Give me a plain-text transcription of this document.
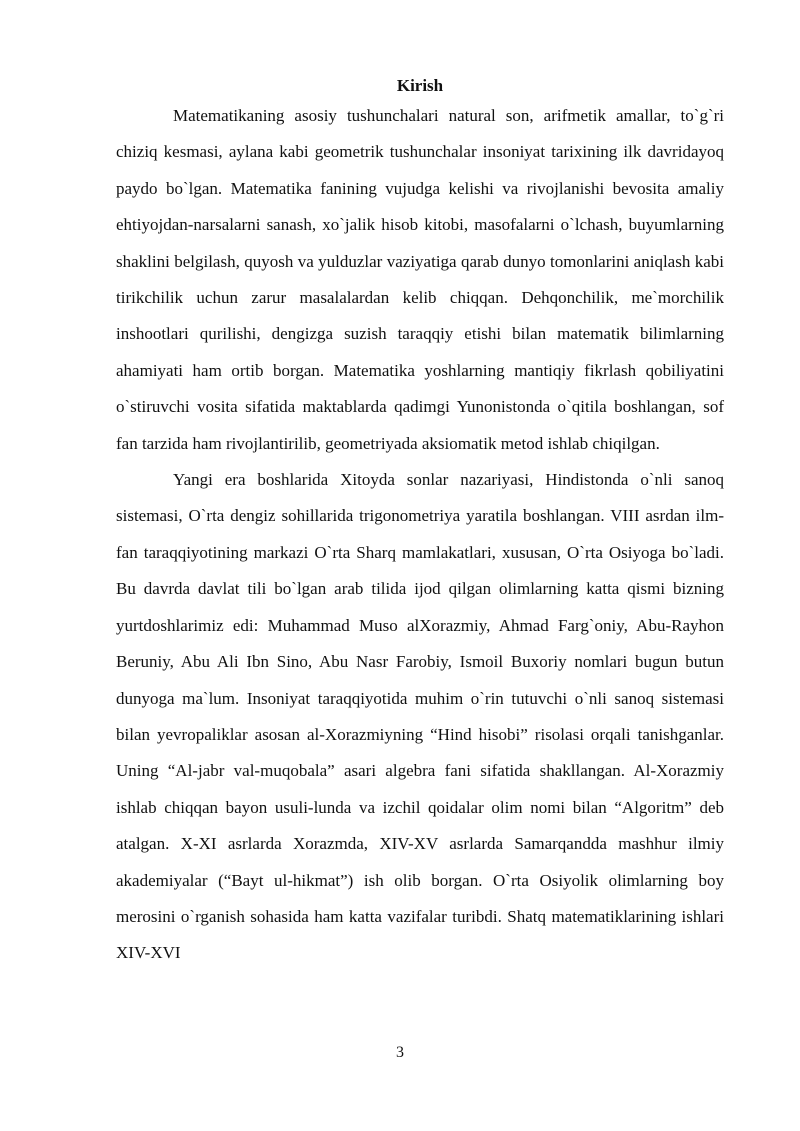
Kirish

Matematikaning asosiy tushunchalari natural son, arifmetik amallar, to`g`ri chiziq kesmasi, aylana kabi geometrik tushunchalar insoniyat tarixining ilk davridayoq paydo bo`lgan. Matematika fanining vujudga kelishi va rivojlanishi bevosita amaliy ehtiyojdan-narsalarni sanash, xo`jalik hisob kitobi, masofalarni o`lchash, buyumlarning shaklini belgilash, quyosh va yulduzlar vaziyatiga qarab dunyo tomonlarini aniqlash kabi tirikchilik uchun zarur masalalardan kelib chiqqan. Dehqonchilik, me`morchilik inshootlari qurilishi, dengizga suzish taraqqiy etishi bilan matematik bilimlarning ahamiyati ham ortib borgan. Matematika yoshlarning mantiqiy fikrlash qobiliyatini o`stiruvchi vosita sifatida maktablarda qadimgi Yunonistonda o`qitila boshlangan, sof fan tarzida ham rivojlantirilib, geometriyada aksiomatik metod ishlab chiqilgan.

Yangi era boshlarida Xitoyda sonlar nazariyasi, Hindistonda o`nli sanoq sistemasi, O`rta dengiz sohillarida trigonometriya yaratila boshlangan. VIII asrdan ilm-fan taraqqiyotining markazi O`rta Sharq mamlakatlari, xususan, O`rta Osiyoga bo`ladi. Bu davrda davlat tili bo`lgan arab tilida ijod qilgan olimlarning katta qismi bizning yurtdoshlarimiz edi: Muhammad Muso alXorazmiy, Ahmad Farg`oniy, Abu-Rayhon Beruniy, Abu Ali Ibn Sino, Abu Nasr Farobiy, Ismoil Buxoriy nomlari bugun butun dunyoga ma`lum. Insoniyat taraqqiyotida muhim o`rin tutuvchi o`nli sanoq sistemasi bilan yevropaliklar asosan al-Xorazmiyning “Hind hisobi” risolasi orqali tanishganlar. Uning “Al-jabr val-muqobala” asari algebra fani sifatida shakllangan. Al-Xorazmiy ishlab chiqqan bayon usuli-lunda va izchil qoidalar olim nomi bilan “Algoritm” deb atalgan. X-XI asrlarda Xorazmda, XIV-XV asrlarda Samarqandda mashhur ilmiy akademiyalar (“Bayt ul-hikmat”) ish olib borgan. O`rta Osiyolik olimlarning boy merosini o`rganish sohasida ham katta vazifalar turibdi. Shatq matematiklarining ishlari XIV-XVI

3
